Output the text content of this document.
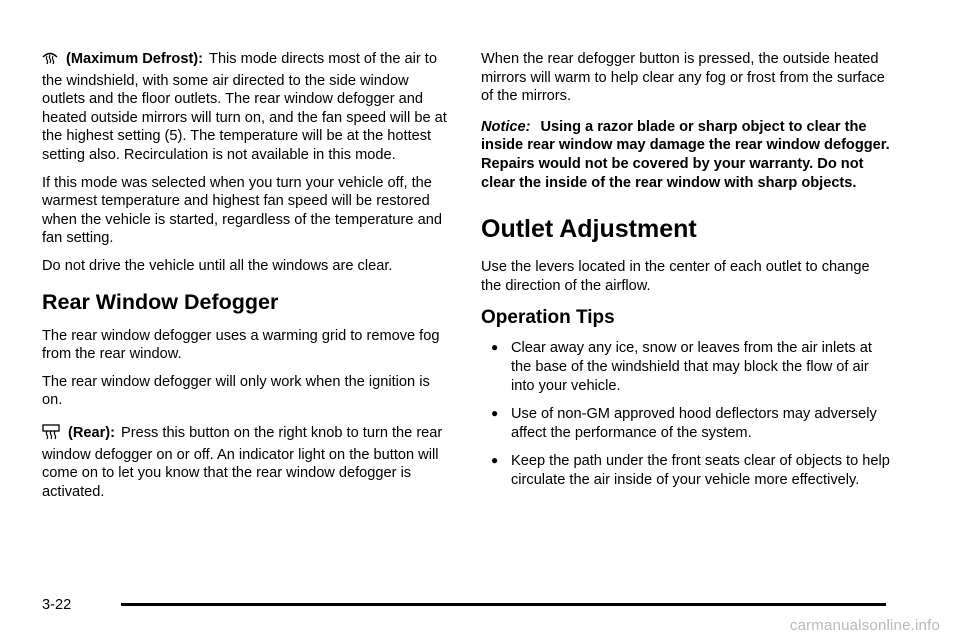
(Maximum Defrost): This mode directs most of the air to the windshield, with some air directed to the side window outlets and the floor outlets. The rear window defogger and heated outside mirrors will turn on, and the fan speed will be at the highest setting (5). The temperature will be at the hottest setting also. Recirculation is not available in this mode.

If this mode was selected when you turn your vehicle off, the warmest temperature and highest fan speed will be restored when the vehicle is started, regardless of the temperature and fan setting.

Do not drive the vehicle until all the windows are clear.

Rear Window Defogger

The rear window defogger uses a warming grid to remove fog from the rear window.

The rear window defogger will only work when the ignition is on.

(Rear): Press this button on the right knob to turn the rear window defogger on or off. An indicator light on the button will come on to let you know that the rear window defogger is activated.

When the rear defogger button is pressed, the outside heated mirrors will warm to help clear any fog or frost from the surface of the mirrors.

Notice: Using a razor blade or sharp object to clear the inside rear window may damage the rear window defogger. Repairs would not be covered by your warranty. Do not clear the inside of the rear window with sharp objects.

Outlet Adjustment

Use the levers located in the center of each outlet to change the direction of the airflow.

Operation Tips
● Clear away any ice, snow or leaves from the air inlets at the base of the windshield that may block the flow of air into your vehicle.
● Use of non-GM approved hood deflectors may adversely affect the performance of the system.
● Keep the path under the front seats clear of objects to help circulate the air inside of your vehicle more effectively.
3-22
carmanualsonline.info
